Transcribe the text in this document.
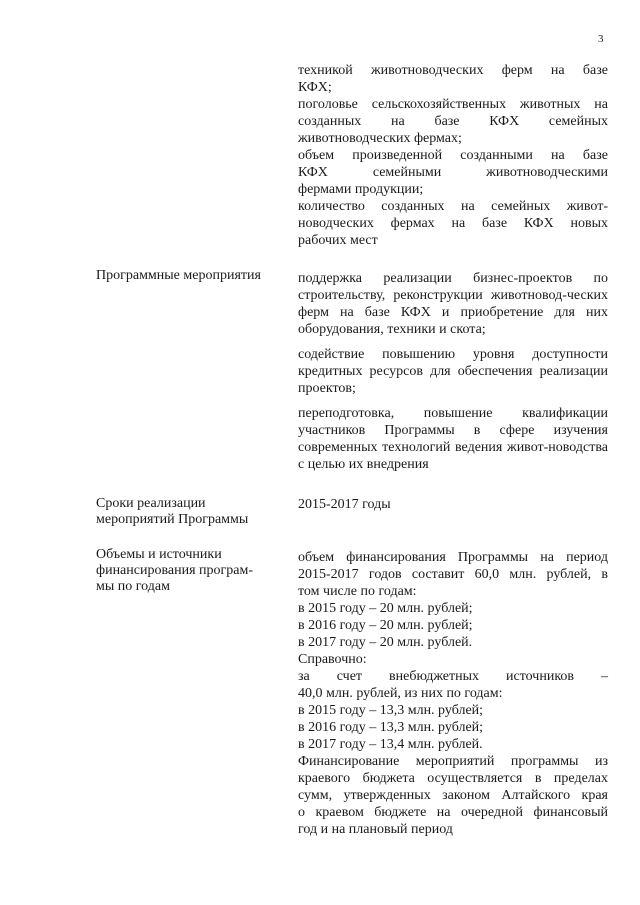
3
техникой животноводческих ферм на базе
КФХ;
поголовье сельскохозяйственных животных на
созданных на базе КФХ семейных
животноводческих фермах;
объем произведенной созданными на базе
КФХ семейными животноводческими
фермами продукции;
количество созданных на семейных живот-
новодческих фермах на базе КФХ новых
рабочих мест
Программные мероприятия	поддержка реализации бизнес-проектов по строительству, реконструкции животновод-ческих ферм на базе КФХ и приобретение для них оборудования, техники и скота;

содействие повышению уровня доступности кредитных ресурсов для обеспечения реализации проектов;

переподготовка, повышение квалификации участников Программы в сфере изучения современных технологий ведения живот-новодства с целью их внедрения

Сроки реализации
мероприятий Программы
2015-2017 годы
Объемы и источники
финансирования програм-
мы по годам
объем финансирования Программы на период
2015-2017 годов составит 60,0 млн. рублей, в
том числе по годам:
в 2015 году – 20 млн. рублей;
в 2016 году – 20 млн. рублей;
в 2017 году – 20 млн. рублей.
Справочно:
за счет внебюджетных источников –
40,0 млн. рублей, из них по годам:
в 2015 году – 13,3 млн. рублей;
в 2016 году – 13,3 млн. рублей;
в 2017 году – 13,4 млн. рублей.
Финансирование мероприятий программы из
краевого бюджета осуществляется в пределах
сумм, утвержденных законом Алтайского края
о краевом бюджете на очередной финансовый
год и на плановый период
